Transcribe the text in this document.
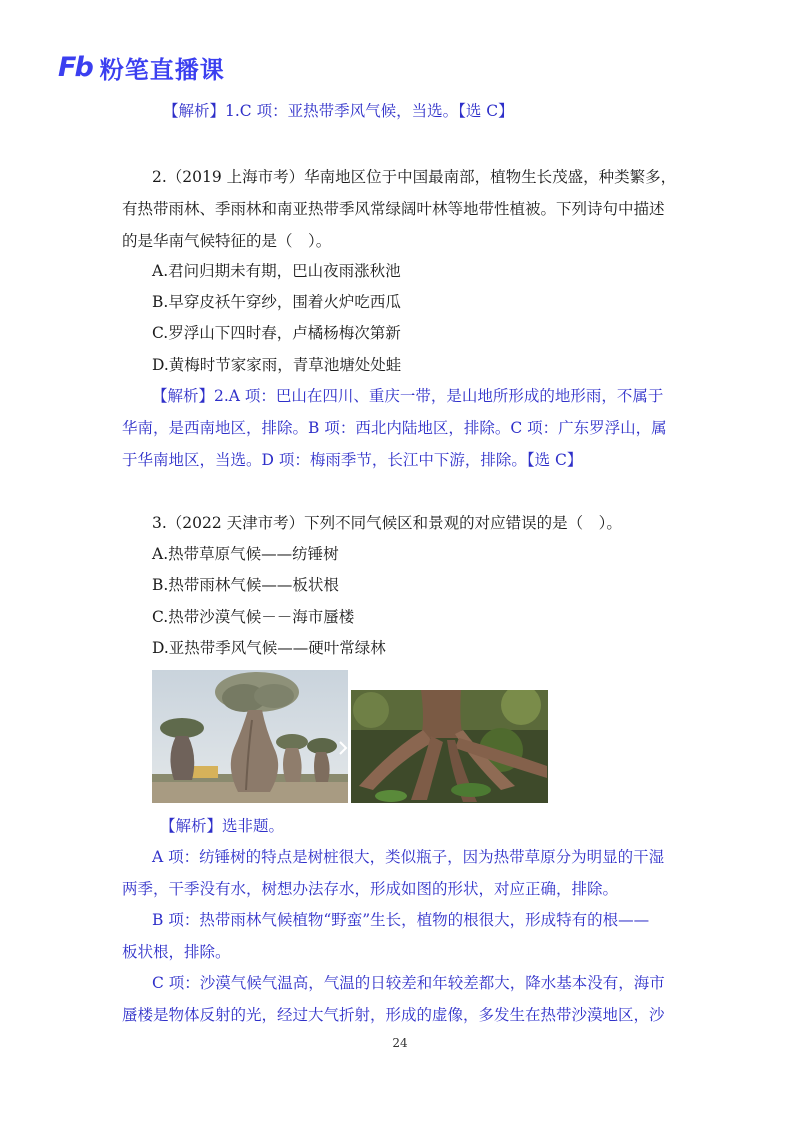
Fb 粉笔直播课
【解析】1.C 项：亚热带季风气候，当选。【选 C】
2.（2019 上海市考）华南地区位于中国最南部，植物生长茂盛，种类繁多，
有热带雨林、季雨林和南亚热带季风常绿阔叶林等地带性植被。下列诗句中描述
的是华南气候特征的是（　）。
A.君问归期未有期，巴山夜雨涨秋池
B.早穿皮袄午穿纱，围着火炉吃西瓜
C.罗浮山下四时春，卢橘杨梅次第新
D.黄梅时节家家雨，青草池塘处处蛙
【解析】2.A 项：巴山在四川、重庆一带，是山地所形成的地形雨，不属于
华南，是西南地区，排除。B 项：西北内陆地区，排除。C 项：广东罗浮山，属
于华南地区，当选。D 项：梅雨季节，长江中下游，排除。【选 C】
3.（2022 天津市考）下列不同气候区和景观的对应错误的是（　）。
A.热带草原气候——纺锤树
B.热带雨林气候——板状根
C.热带沙漠气候－－海市蜃楼
D.亚热带季风气候——硬叶常绿林
【解析】选非题。
A 项：纺锤树的特点是树桩很大，类似瓶子，因为热带草原分为明显的干湿
两季，干季没有水，树想办法存水，形成如图的形状，对应正确，排除。
B 项：热带雨林气候植物“野蛮”生长，植物的根很大，形成特有的根——
板状根，排除。
C 项：沙漠气候气温高，气温的日较差和年较差都大，降水基本没有，海市
蜃楼是物体反射的光，经过大气折射，形成的虚像，多发生在热带沙漠地区，沙
24
